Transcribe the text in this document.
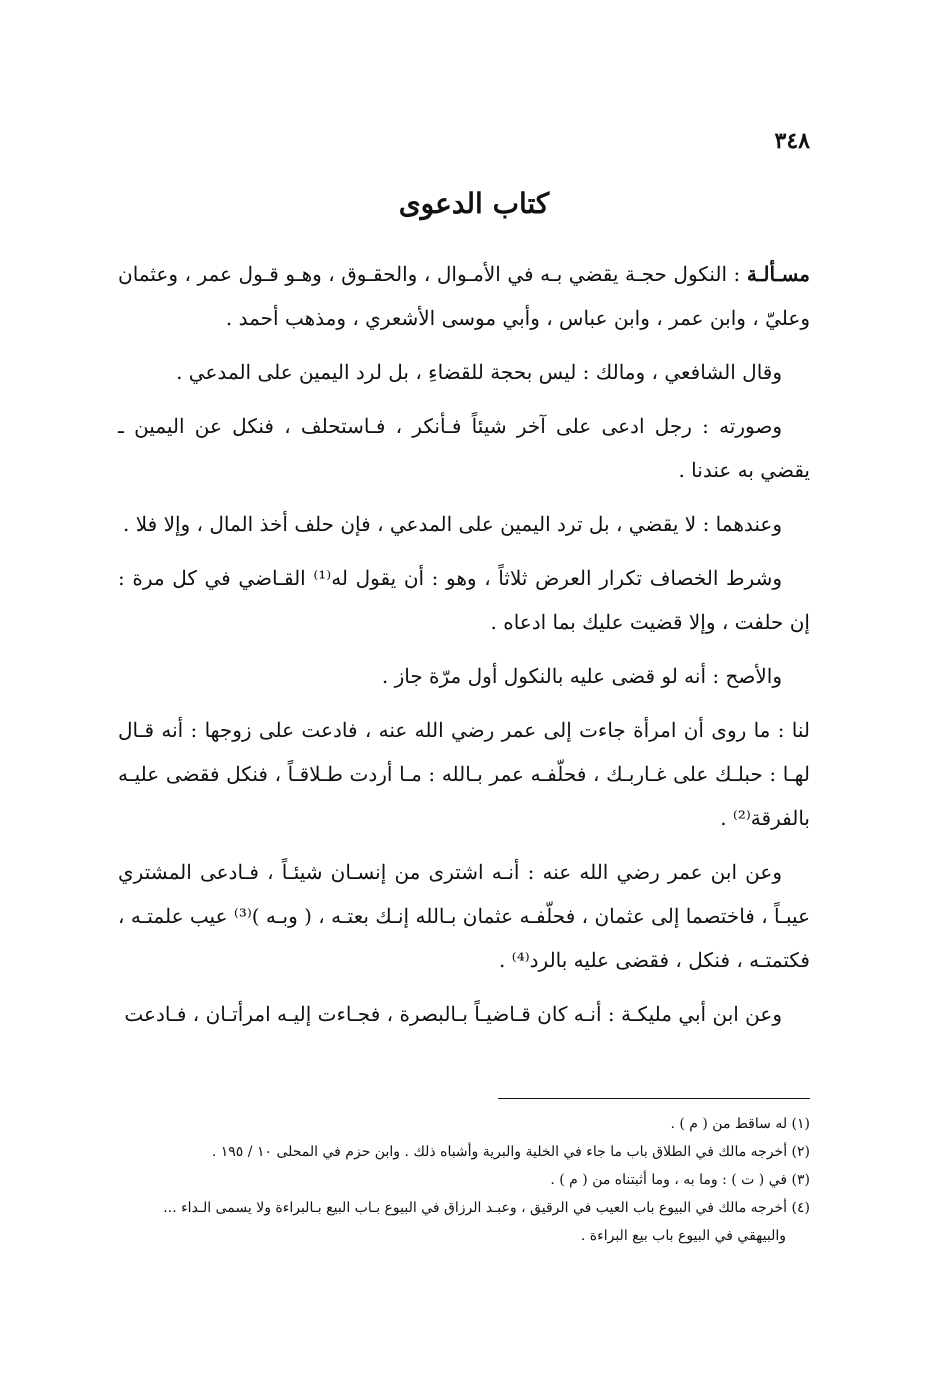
٣٤٨
كتاب الدعوى

مسـألـة : النكول حجـة يقضي بـه في الأمـوال ، والحقـوق ، وهـو قـول عمر ، وعثمان وعليّ ، وابن عمر ، وابن عباس ، وأبي موسى الأشعري ، ومذهب أحمد .

وقال الشافعي ، ومالك : ليس بحجة للقضاءِ ، بل لرد اليمين على المدعي .

وصورته : رجل ادعى على آخر شيئاً فـأنكر ، فـاستحلف ، فنكل عن اليمين ـ يقضي به عندنا .

وعندهما : لا يقضي ، بل ترد اليمين على المدعي ، فإن حلف أخذ المال ، وإلا فلا .

وشرط الخصاف تكرار العرض ثلاثاً ، وهو : أن يقول له⁽¹⁾ القـاضي في كل مرة : إن حلفت ، وإلا قضيت عليك بما ادعاه .

والأصح : أنه لو قضى عليه بالنكول أول مرّة جاز .

لنا : ما روى أن امرأة جاءت إلى عمر رضي الله عنه ، فادعت على زوجها : أنه قـال لهـا : حبلـك على غـاربـك ، فحلّفـه عمر بـالله : مـا أردت طـلاقـاً ، فنكل فقضى عليـه بالفرقة⁽²⁾ .

وعن ابن عمر رضي الله عنه : أنـه اشترى من إنسـان شيئـاً ، فـادعى المشتري عيبـاً ، فاختصما إلى عثمان ، فحلّفـه عثمان بـالله إنـك بعتـه ، ( وبـه )⁽³⁾ عيب علمتـه ، فكتمتـه ، فنكل ، فقضى عليه بالرد⁽⁴⁾ .

وعن ابن أبي مليكـة : أنـه كان قـاضيـاً بـالبصرة ، فجـاءت إليـه امرأتـان ، فـادعت

(١) له ساقط من ( م ) .

(٢) أخرجه مالك في الطلاق باب ما جاء في الخلية والبرية وأشباه ذلك . وابن حزم في المحلى ١٠ / ١٩٥ .

(٣) في ( ت ) : وما به ، وما أثبتناه من ( م ) .

(٤) أخرجه مالك في البيوع باب العيب في الرقيق ، وعبـد الرزاق في البيوع بـاب البيع بـالبراءة ولا يسمى الـداء ...

والبيهقي في البيوع باب بيع البراءة .
